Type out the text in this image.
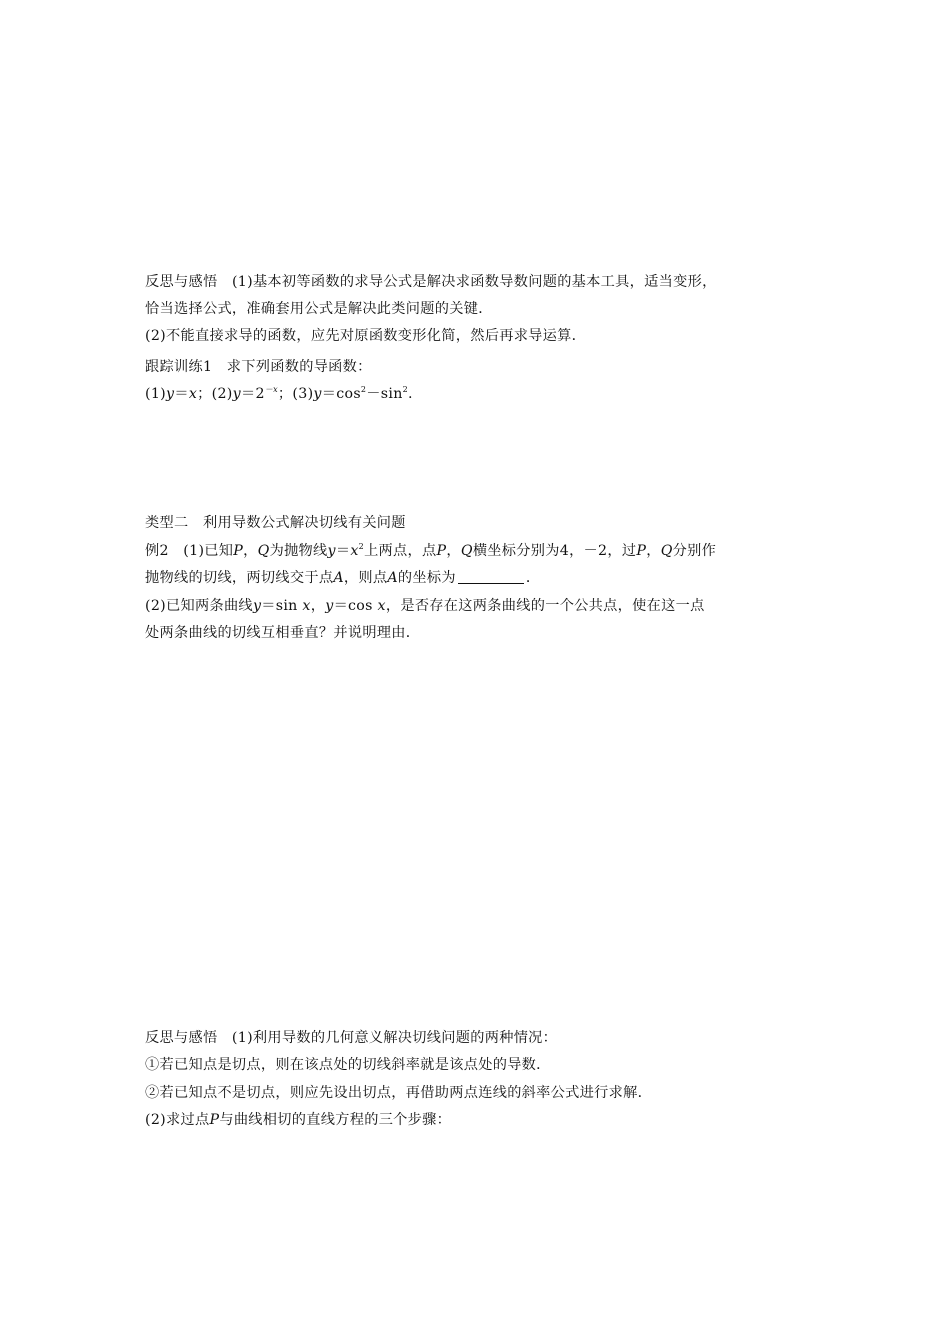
反思与感悟　 (1)基本初等函数的求导公式是解决求函数导数问题的基本工具，适当变形，
恰当选择公式，准确套用公式是解决此类问题的关键．
(2)不能直接求导的函数，应先对原函数变形化简，然后再求导运算．
跟踪训练1　求下列函数的导函数：
(1)y＝x；$(2)y=2^{-x}$；$(3)y=\cos^2-\sin^2$.
类型二　利用导数公式解决切线有关问题
例2　(1)已知P，Q为抛物线$y=x^2$上两点，点P，Q横坐标分别为4，－2，过P，Q分别作
抛物线的切线，两切线交于点A，则点A的坐标为	．
(2)已知两条曲线y＝sin x，y＝cos x，是否存在这两条曲线的一个公共点，使在这一点
处两条曲线的切线互相垂直？并说明理由．
反思与感悟　(1)利用导数的几何意义解决切线问题的两种情况：
①若已知点是切点，则在该点处的切线斜率就是该点处的导数．
②若已知点不是切点，则应先设出切点，再借助两点连线的斜率公式进行求解．
(2)求过点P与曲线相切的直线方程的三个步骤：
